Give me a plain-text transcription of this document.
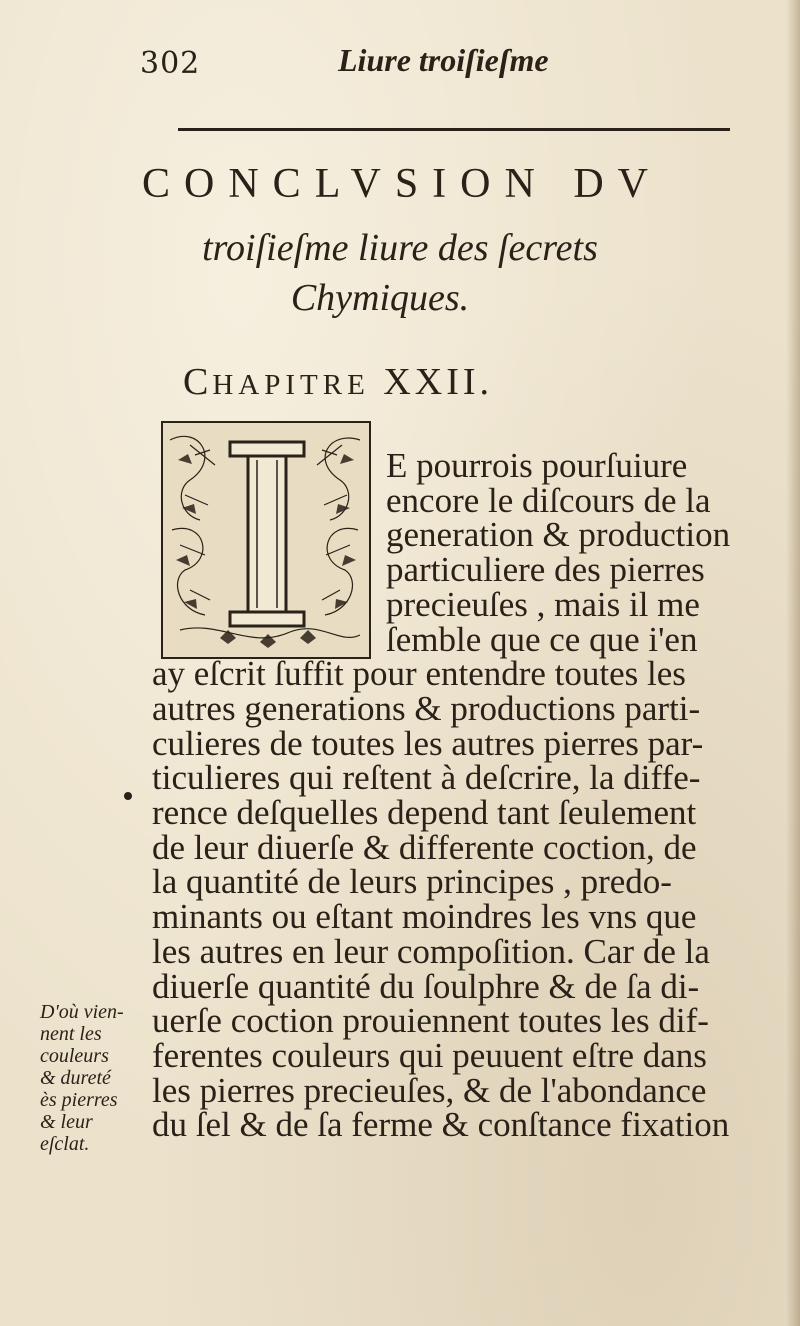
302	Liure troiſieſme
CONCLVSION DV
troiſieſme liure des ſecrets
Chymiques.
CHAPITRE XXII.
E pourrois pourſuiure
encore le diſcours de la
generation & production
particuliere des pierres
precieuſes , mais il me
ſemble que ce que i'en
ay eſcrit ſuffit pour entendre toutes les
autres generations & productions parti-
culieres de toutes les autres pierres par-
ticulieres qui reſtent à deſcrire, la diffe-
rence deſquelles depend tant ſeulement
de leur diuerſe & differente coction, de
la quantité de leurs principes , predo-
minants ou eſtant moindres les vns que
les autres en leur compoſition. Car de la
diuerſe quantité du ſoulphre & de ſa di-
uerſe coction prouiennent toutes les dif-
ferentes couleurs qui peuuent eſtre dans
les pierres precieuſes, & de l'abondance
du ſel & de ſa ferme & conſtance fixation
D'où vien-
nent les
couleurs
& dureté
ès pierres
& leur
eſclat.
